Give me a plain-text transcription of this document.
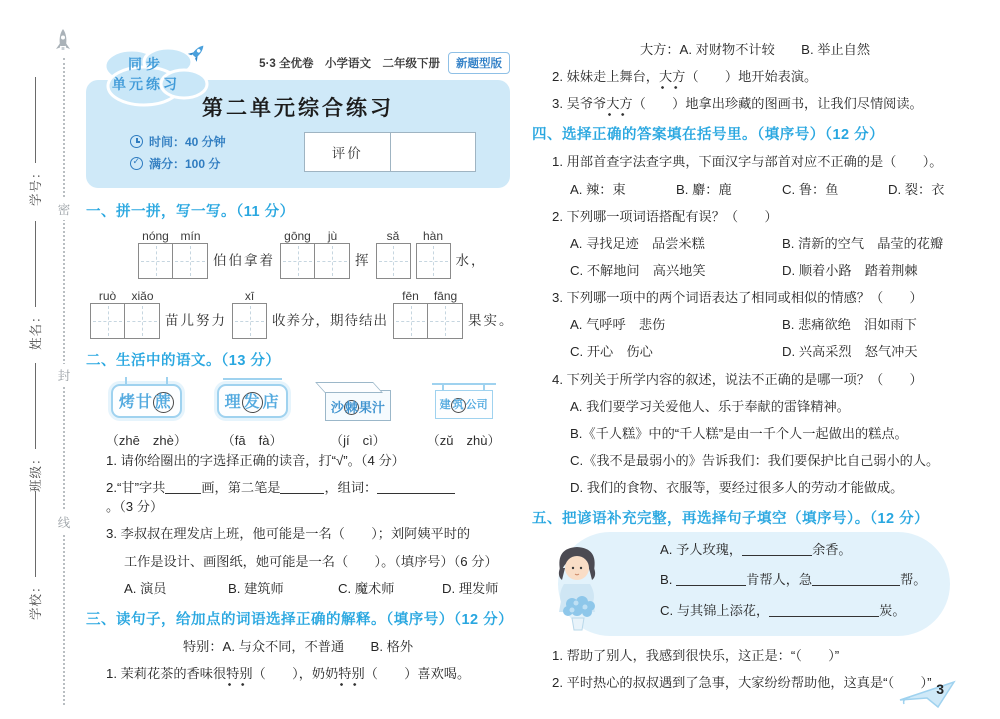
密
封
线
学号：
姓名：
班级：
学校：
5·3 全优卷　小学语文　二年级下册	新题型版
第二单元综合练习
时间：40 分钟
✓
满分：100 分
评价
同步
单元练习
一、拼一拼，写一写。（11 分）
nóng mín
伯伯拿着
gōng	jù
挥
sǎ	hàn
水，
ruò	xiǎo
苗儿努力
xī
收养分，期待结出
fēn	fāng
果实。
二、生活中的语文。（13 分）
烤甘 蔗
（zhē　zhè）
理 发 店
（fā　fà）
沙棘果汁
（jí　cì）
建 筑 公司
（zǔ　zhù）
1. 请你给圈出的字选择正确的读音，打“√”。（4 分）
2.“甘”字共	画，第二笔是	，组词：。（3 分）
3. 李叔叔在理发店上班，他可能是一名（　　）；刘阿姨平时的
工作是设计、画图纸，她可能是一名（　　）。（填序号）（6 分）
A. 演员	B. 建筑师	C. 魔术师	D. 理发师
三、读句子，给加点的词语选择正确的解释。（填序号）（12 分）
特别：A. 与众不同，不普通　　B. 格外
1. 茉莉花茶的香味很特别（　　），奶奶特别（　　）喜欢喝。
大方：A. 对财物不计较　　B. 举止自然
2. 妹妹走上舞台，大方（　　）地开始表演。
3. 吴爷爷大方（　　）地拿出珍藏的图画书，让我们尽情阅读。
四、选择正确的答案填在括号里。（填序号）（12 分）
1. 用部首查字法查字典，下面汉字与部首对应不正确的是（　　）。
A. 辣：束	B. 麝：鹿	C. 鲁：鱼	D. 裂：衣
2. 下列哪一项词语搭配有误？（　　）
A. 寻找足迹　品尝米糕	B. 清新的空气　晶莹的花瓣
C. 不解地问　高兴地笑	D. 顺着小路　踏着荆棘
3. 下列哪一项中的两个词语表达了相同或相似的情感？（　　）
A. 气呼呼　悲伤	B. 悲痛欲绝　泪如雨下
C. 开心　伤心	D. 兴高采烈　怒气冲天
4. 下列关于所学内容的叙述，说法不正确的是哪一项？（　　）
A. 我们要学习关爱他人、乐于奉献的雷锋精神。
B.《千人糕》中的“千人糕”是由一千个人一起做出的糕点。
C.《我不是最弱小的》告诉我们：我们要保护比自己弱小的人。
D. 我们的食物、衣服等，要经过很多人的劳动才能做成。
五、把谚语补充完整，再选择句子填空（填序号）。（12 分）
A. 予人玫瑰，	余香。
B.	肯帮人，急	帮。
C. 与其锦上添花，	炭。
1. 帮助了别人，我感到很快乐，这正是：“（　　）”
2. 平时热心的叔叔遇到了急事，大家纷纷帮助他，这真是“（　　）” 3
